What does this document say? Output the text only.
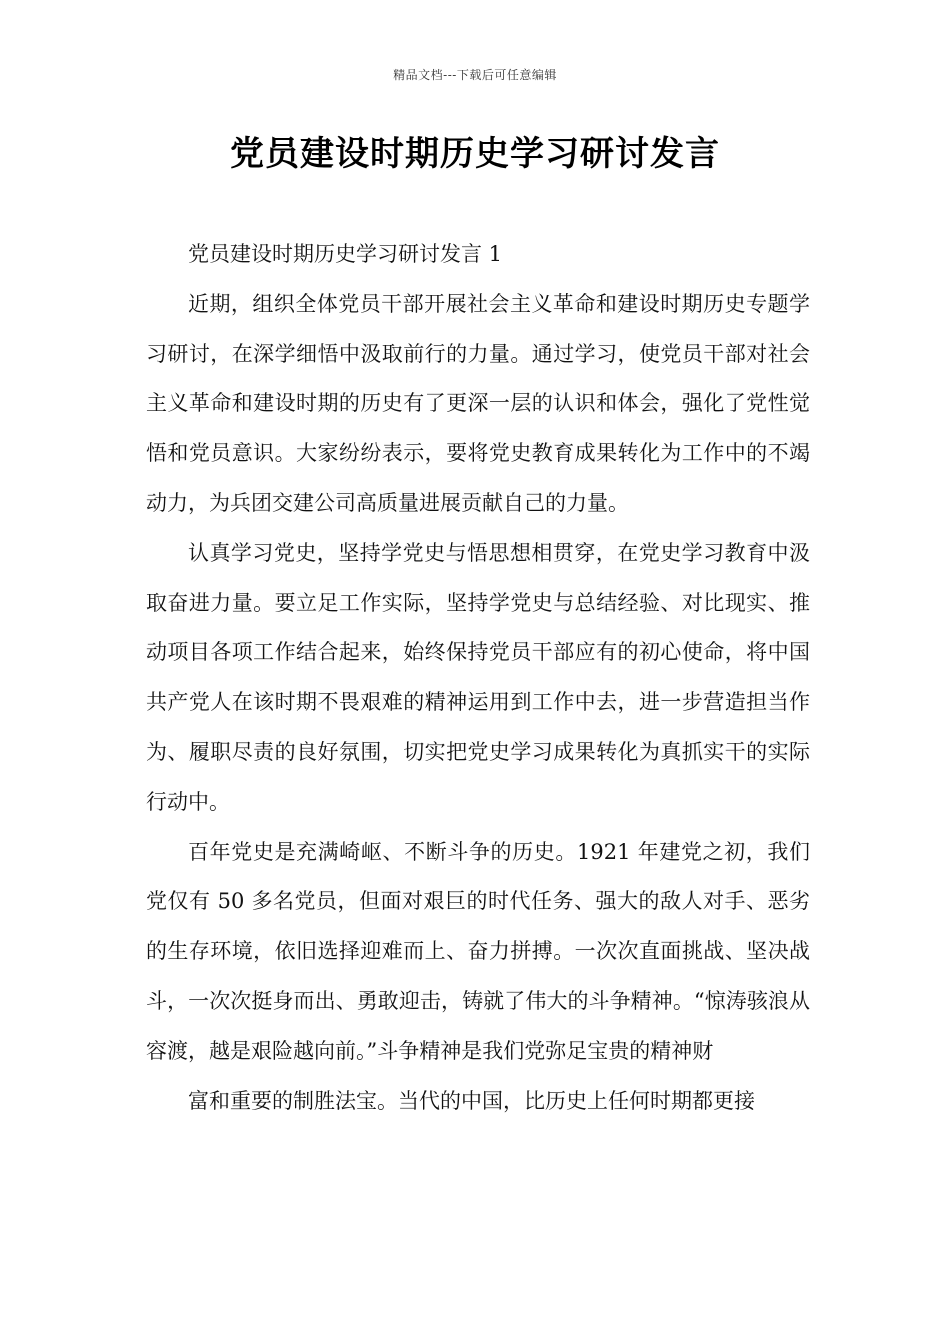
精品文档---下载后可任意编辑
党员建设时期历史学习研讨发言

党员建设时期历史学习研讨发言 1

近期，组织全体党员干部开展社会主义革命和建设时期历史专题学习研讨，在深学细悟中汲取前行的力量。通过学习，使党员干部对社会主义革命和建设时期的历史有了更深一层的认识和体会，强化了党性觉悟和党员意识。大家纷纷表示，要将党史教育成果转化为工作中的不竭动力，为兵团交建公司高质量进展贡献自己的力量。

认真学习党史，坚持学党史与悟思想相贯穿，在党史学习教育中汲取奋进力量。要立足工作实际，坚持学党史与总结经验、对比现实、推动项目各项工作结合起来，始终保持党员干部应有的初心使命，将中国共产党人在该时期不畏艰难的精神运用到工作中去，进一步营造担当作为、履职尽责的良好氛围，切实把党史学习成果转化为真抓实干的实际行动中。

百年党史是充满崎岖、不断斗争的历史。1921 年建党之初，我们党仅有 50 多名党员，但面对艰巨的时代任务、强大的敌人对手、恶劣的生存环境，依旧选择迎难而上、奋力拼搏。一次次直面挑战、坚决战斗，一次次挺身而出、勇敢迎击，铸就了伟大的斗争精神。“惊涛骇浪从容渡，越是艰险越向前。”斗争精神是我们党弥足宝贵的精神财

富和重要的制胜法宝。当代的中国，比历史上任何时期都更接
